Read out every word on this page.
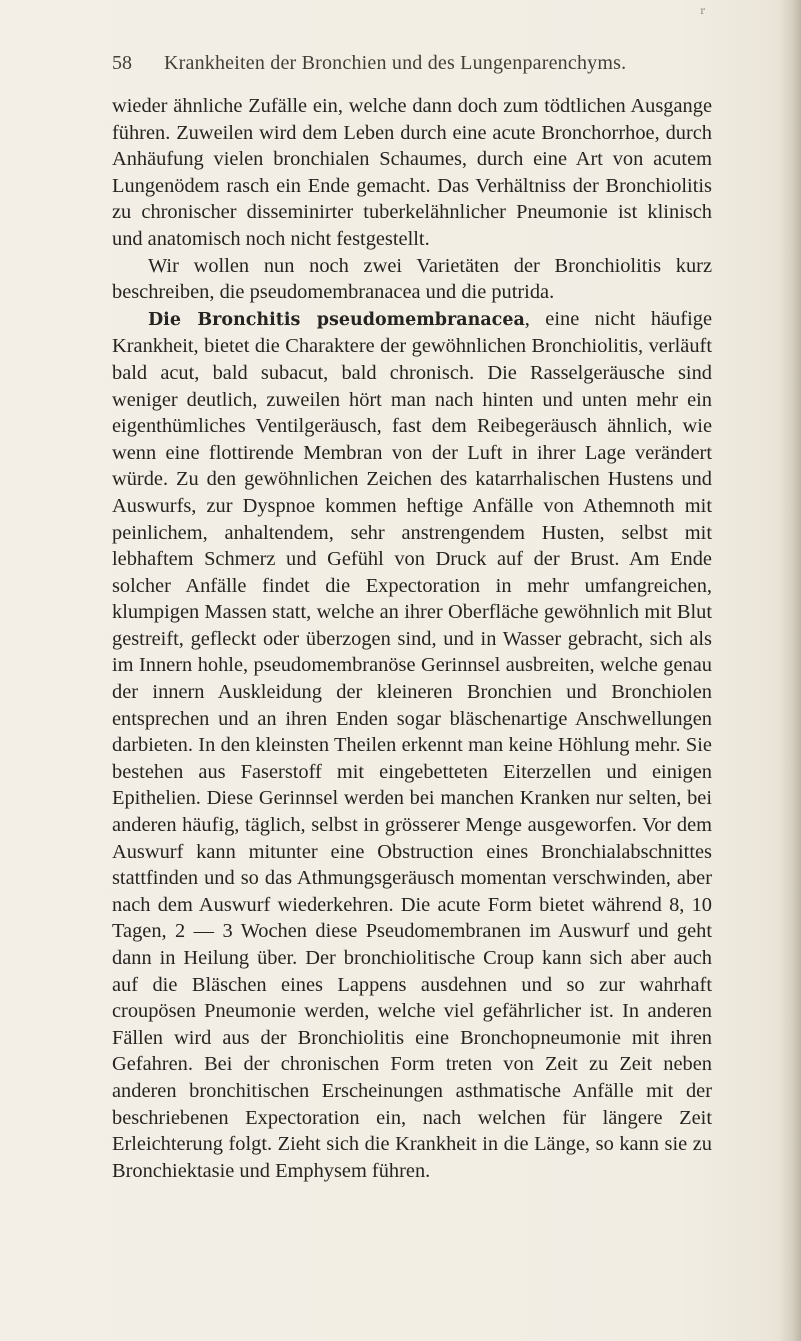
r
58 Krankheiten der Bronchien und des Lungenparenchyms.

wieder ähnliche Zufälle ein, welche dann doch zum tödtlichen Ausgange führen. Zuweilen wird dem Leben durch eine acute Bronchorrhoe, durch Anhäufung vielen bronchialen Schaumes, durch eine Art von acutem Lungenödem rasch ein Ende gemacht. Das Verhältniss der Bronchiolitis zu chronischer disseminirter tuberkelähnlicher Pneumonie ist klinisch und anatomisch noch nicht festgestellt.

Wir wollen nun noch zwei Varietäten der Bronchiolitis kurz beschreiben, die pseudomembranacea und die putrida.

Die Bronchitis pseudomembranacea, eine nicht häufige Krankheit, bietet die Charaktere der gewöhnlichen Bronchiolitis, verläuft bald acut, bald subacut, bald chronisch. Die Rasselgeräusche sind weniger deutlich, zuweilen hört man nach hinten und unten mehr ein eigenthümliches Ventilgeräusch, fast dem Reibegeräusch ähnlich, wie wenn eine flottirende Membran von der Luft in ihrer Lage verändert würde. Zu den gewöhnlichen Zeichen des katarrhalischen Hustens und Auswurfs, zur Dyspnoe kommen heftige Anfälle von Athemnoth mit peinlichem, anhaltendem, sehr anstrengendem Husten, selbst mit lebhaftem Schmerz und Gefühl von Druck auf der Brust. Am Ende solcher Anfälle findet die Expectoration in mehr umfangreichen, klumpigen Massen statt, welche an ihrer Oberfläche gewöhnlich mit Blut gestreift, gefleckt oder überzogen sind, und in Wasser gebracht, sich als im Innern hohle, pseudomembranöse Gerinnsel ausbreiten, welche genau der innern Auskleidung der kleineren Bronchien und Bronchiolen entsprechen und an ihren Enden sogar bläschenartige Anschwellungen darbieten. In den kleinsten Theilen erkennt man keine Höhlung mehr. Sie bestehen aus Faserstoff mit eingebetteten Eiterzellen und einigen Epithelien. Diese Gerinnsel werden bei manchen Kranken nur selten, bei anderen häufig, täglich, selbst in grösserer Menge ausgeworfen. Vor dem Auswurf kann mitunter eine Obstruction eines Bronchialabschnittes stattfinden und so das Athmungsgeräusch momentan verschwinden, aber nach dem Auswurf wiederkehren. Die acute Form bietet während 8, 10 Tagen, 2 — 3 Wochen diese Pseudomembranen im Auswurf und geht dann in Heilung über. Der bronchiolitische Croup kann sich aber auch auf die Bläschen eines Lappens ausdehnen und so zur wahrhaft croupösen Pneumonie werden, welche viel gefährlicher ist. In anderen Fällen wird aus der Bronchiolitis eine Bronchopneumonie mit ihren Gefahren. Bei der chronischen Form treten von Zeit zu Zeit neben anderen bronchitischen Erscheinungen asthmatische Anfälle mit der beschriebenen Expectoration ein, nach welchen für längere Zeit Erleichterung folgt. Zieht sich die Krankheit in die Länge, so kann sie zu Bronchiektasie und Emphysem führen.
